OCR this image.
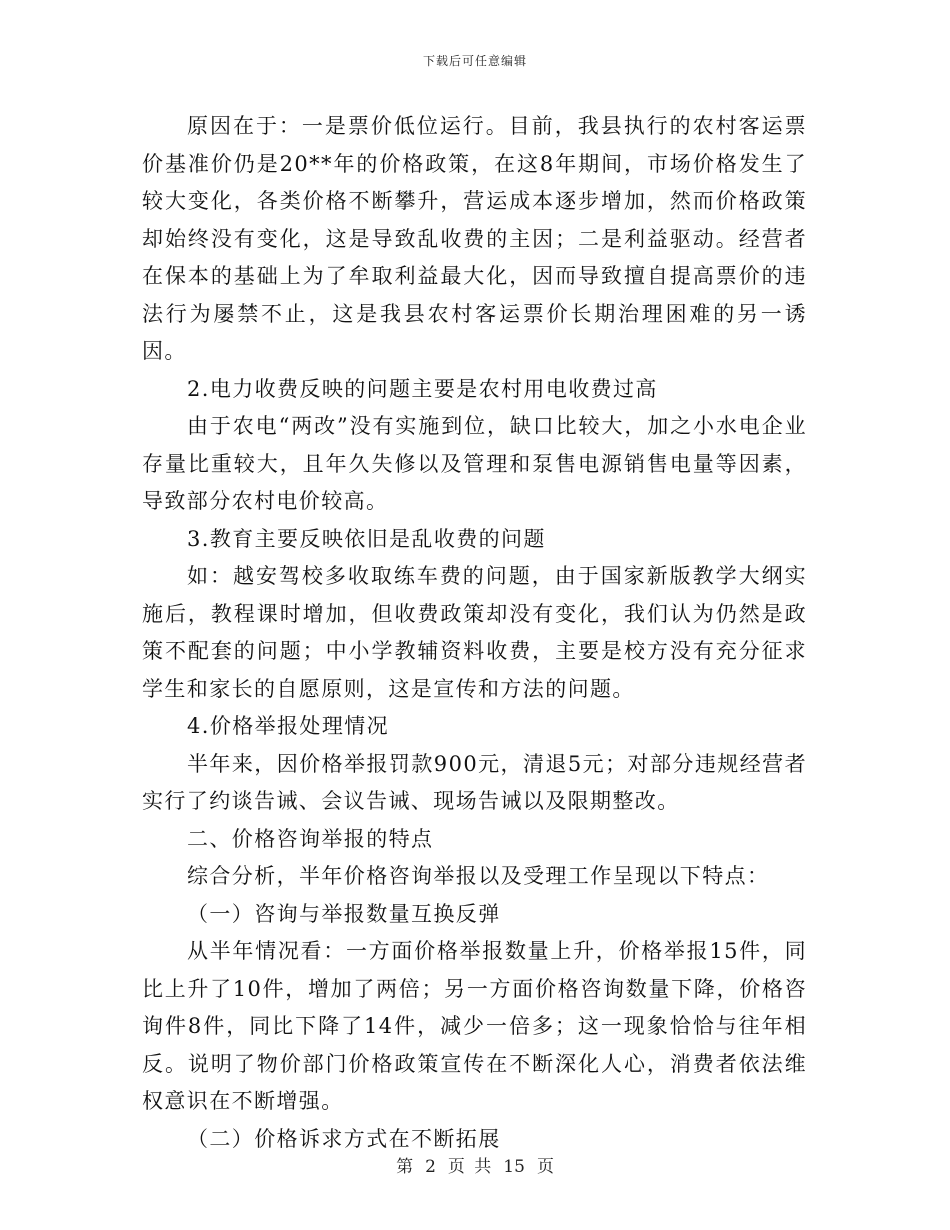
下载后可任意编辑

原因在于：一是票价低位运行。目前，我县执行的农村客运票价基准价仍是20**年的价格政策，在这8年期间，市场价格发生了较大变化，各类价格不断攀升，营运成本逐步增加，然而价格政策却始终没有变化，这是导致乱收费的主因；二是利益驱动。经营者在保本的基础上为了牟取利益最大化，因而导致擅自提高票价的违法行为屡禁不止，这是我县农村客运票价长期治理困难的另一诱因。

2.电力收费反映的问题主要是农村用电收费过高

由于农电“两改”没有实施到位，缺口比较大，加之小水电企业存量比重较大，且年久失修以及管理和泵售电源销售电量等因素，导致部分农村电价较高。

3.教育主要反映依旧是乱收费的问题

如：越安驾校多收取练车费的问题，由于国家新版教学大纲实施后，教程课时增加，但收费政策却没有变化，我们认为仍然是政策不配套的问题；中小学教辅资料收费，主要是校方没有充分征求学生和家长的自愿原则，这是宣传和方法的问题。

4.价格举报处理情况

半年来，因价格举报罚款900元，清退5元；对部分违规经营者实行了约谈告诫、会议告诫、现场告诫以及限期整改。

二、价格咨询举报的特点

综合分析，半年价格咨询举报以及受理工作呈现以下特点：

（一）咨询与举报数量互换反弹

从半年情况看：一方面价格举报数量上升，价格举报15件，同比上升了10件，增加了两倍；另一方面价格咨询数量下降，价格咨询件8件，同比下降了14件，减少一倍多；这一现象恰恰与往年相反。说明了物价部门价格政策宣传在不断深化人心，消费者依法维权意识在不断增强。

（二）价格诉求方式在不断拓展

第 2 页 共 15 页
